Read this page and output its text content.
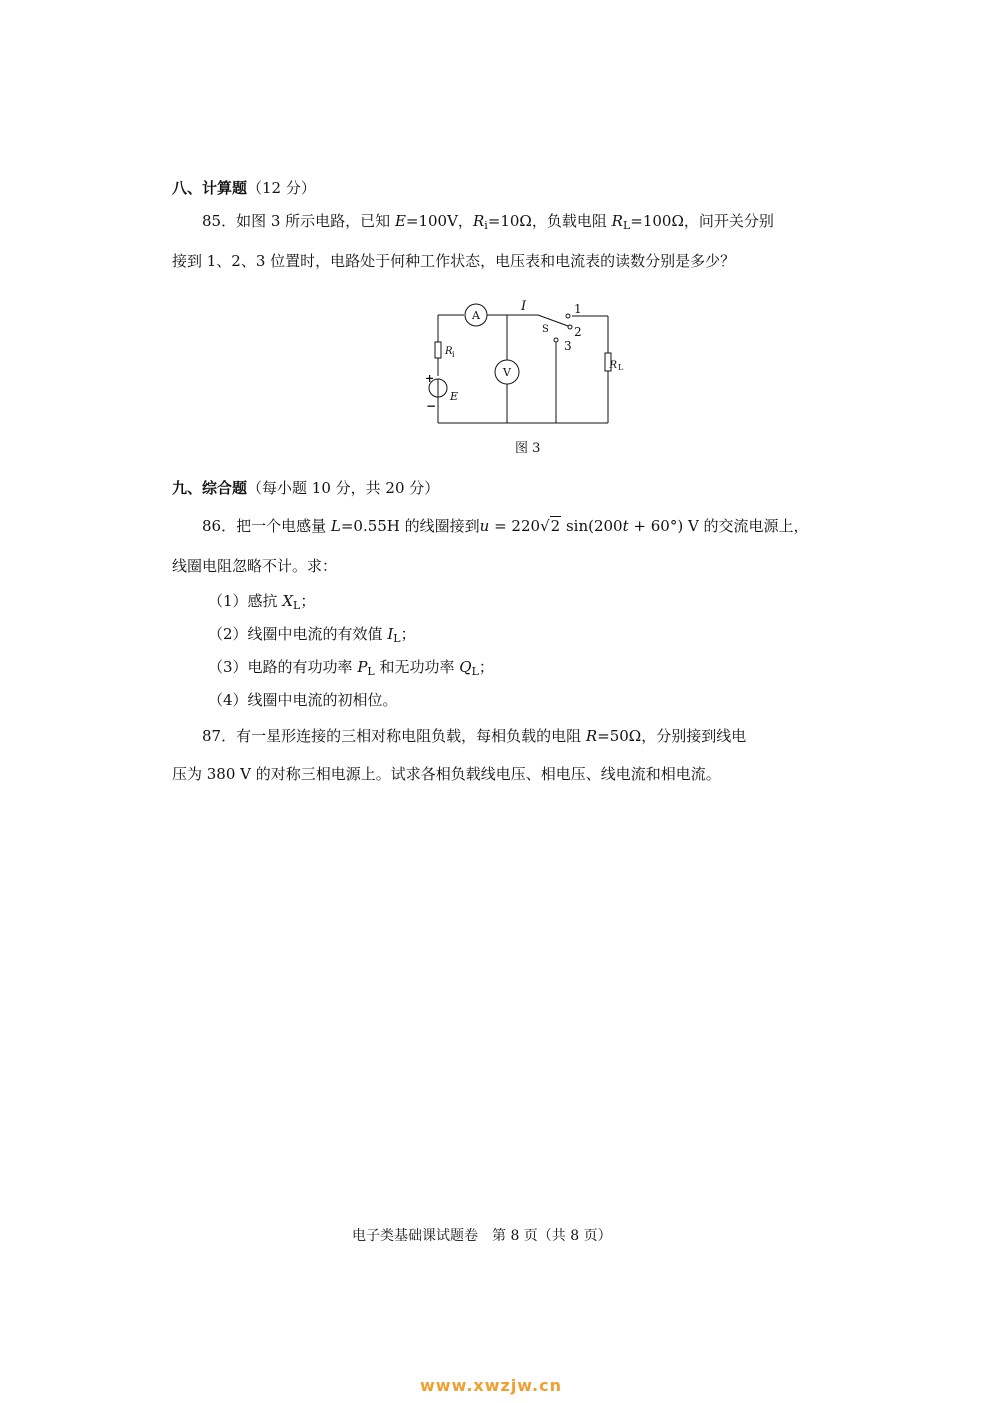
八、计算题（12 分）
85．如图 3 所示电路，已知 E=100V，$R_i=10\Omega$，负载电阻 $R_L=100\Omega$，问开关分别
接到 1、2、3 位置时，电路处于何种工作状态，电压表和电流表的读数分别是多少？
A
V
I
S
1
2
3
R i
R L
E
+
−
图 3
九、综合题（每小题 10 分，共 20 分）
86．把一个电感量 L=0.55H 的线圈接到u = 220√2 sin(200t + 60°) V 的交流电源上，
线圈电阻忽略不计。求：
（1）感抗 $X_L$；
（2）线圈中电流的有效值 $I_L$；
（3）电路的有功功率 $P_L$ 和无功功率 $Q_L$；
（4）线圈中电流的初相位。
87．有一星形连接的三相对称电阻负载，每相负载的电阻 R=50Ω，分别接到线电
压为 380 V 的对称三相电源上。试求各相负载线电压、相电压、线电流和相电流。
电子类基础课试题卷　第 8 页（共 8 页）
www.xwzjw.cn
